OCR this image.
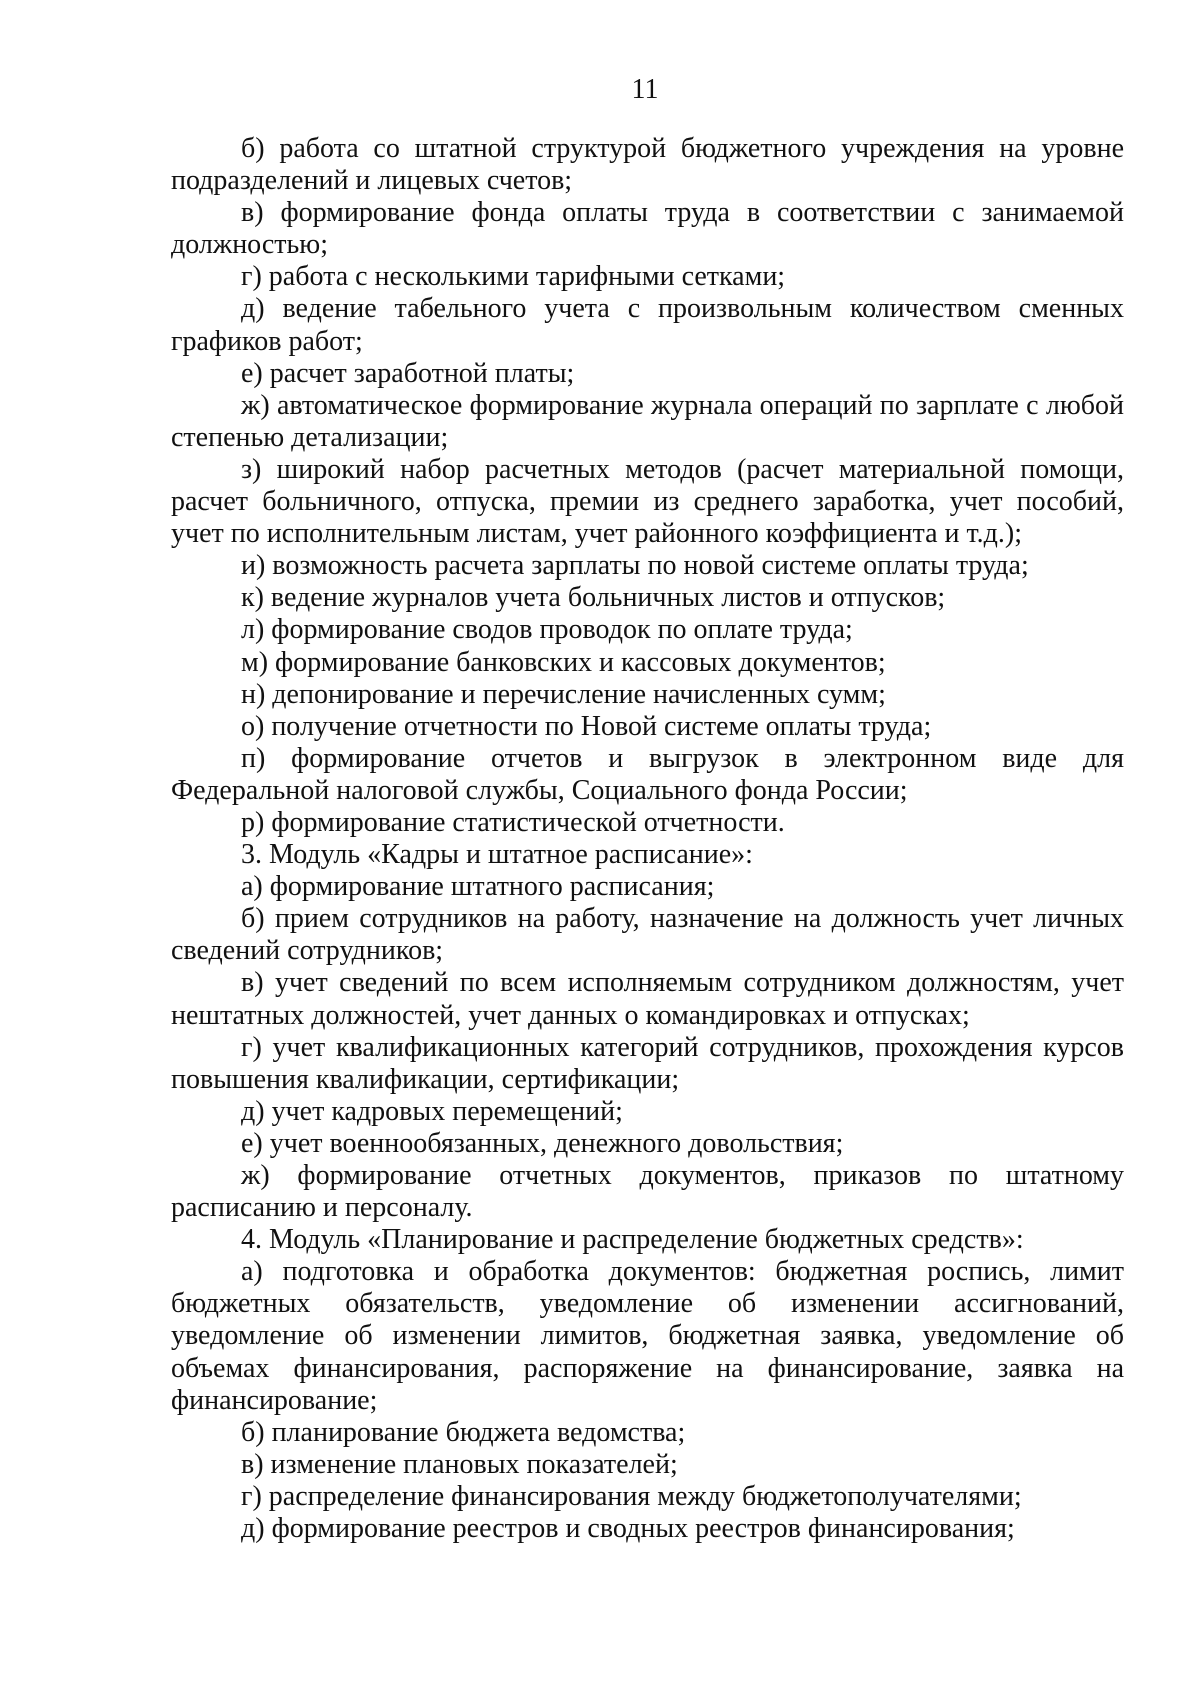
11

б) работа со штатной структурой бюджетного учреждения на уровне подразделений и лицевых счетов;

в) формирование фонда оплаты труда в соответствии с занимаемой должностью;

г) работа с несколькими тарифными сетками;

д) ведение табельного учета с произвольным количеством сменных графиков работ;

е) расчет заработной платы;

ж) автоматическое формирование журнала операций по зарплате с любой степенью детализации;

з) широкий набор расчетных методов (расчет материальной помощи, расчет больничного, отпуска, премии из среднего заработка, учет пособий, учет по исполнительным листам, учет районного коэффициента и т.д.);

и) возможность расчета зарплаты по новой системе оплаты труда;

к) ведение журналов учета больничных листов и отпусков;

л) формирование сводов проводок по оплате труда;

м) формирование банковских и кассовых документов;

н) депонирование и перечисление начисленных сумм;

о) получение отчетности по Новой системе оплаты труда;

п) формирование отчетов и выгрузок в электронном виде для Федеральной налоговой службы, Социального фонда России;

р) формирование статистической отчетности.

3. Модуль «Кадры и штатное расписание»:

а) формирование штатного расписания;

б) прием сотрудников на работу, назначение на должность учет личных сведений сотрудников;

в) учет сведений по всем исполняемым сотрудником должностям, учет нештатных должностей, учет данных о командировках и отпусках;

г) учет квалификационных категорий сотрудников, прохождения курсов повышения квалификации, сертификации;

д) учет кадровых перемещений;

е) учет военнообязанных, денежного довольствия;

ж) формирование отчетных документов, приказов по штатному расписанию и персоналу.

4. Модуль «Планирование и распределение бюджетных средств»:

а) подготовка и обработка документов: бюджетная роспись, лимит бюджетных обязательств, уведомление об изменении ассигнований, уведомление об изменении лимитов, бюджетная заявка, уведомление об объемах финансирования, распоряжение на финансирование, заявка на финансирование;

б) планирование бюджета ведомства;

в) изменение плановых показателей;

г) распределение финансирования между бюджетополучателями;

д) формирование реестров и сводных реестров финансирования;
